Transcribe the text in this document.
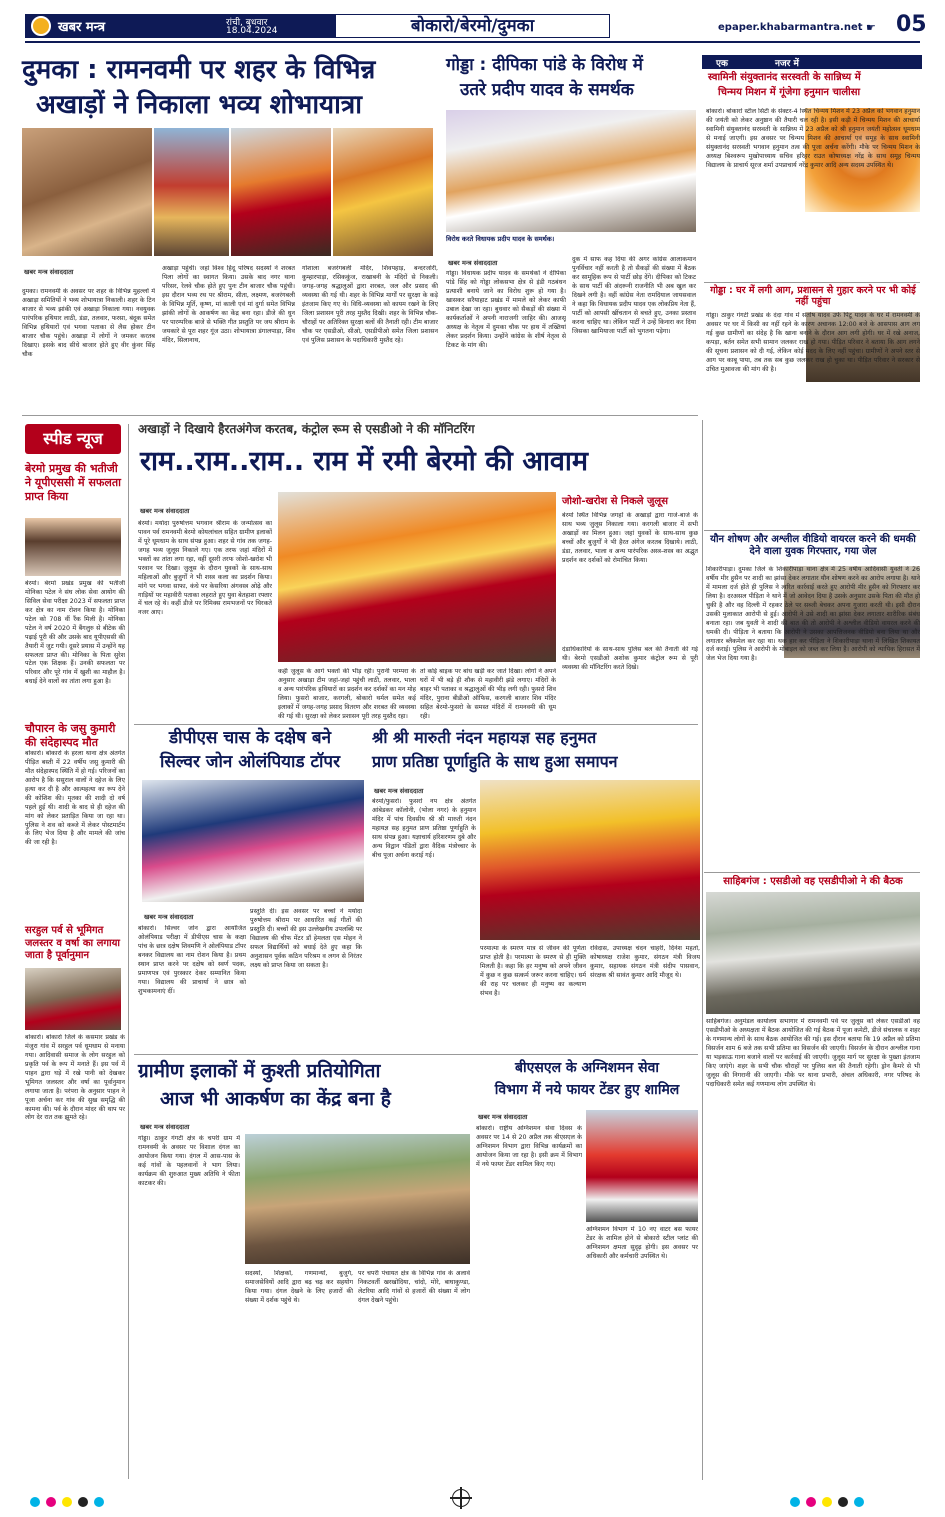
खबर मन्त्र	रांची, बुधवार
18.04.2024	बोकारो/बेरमो/दुमका	epaper.khabarmantra.net ☛ 05
दुमका : रामनवमी पर शहर के विभिन्न
अखाड़ों ने निकाला भव्य शोभायात्रा
खबर मन्त्र संवाददाता
दुमका। रामनवमी के अवसर पर शहर के विभिन्न मुहल्लों में अखाड़ा समितियों ने भव्य शोभायात्रा निकाली। शहर के टिन बाजार से भव्य झांकी एवं अखाड़ा निकाला गया। नवयुवक पारंपरिक हथियार लाठी, डंडा, तलवार, फरसा, बंदूक समेत विभिन्न हथियारों एवं भगवा पताका से लैस होकर टीन बाजार चौक पहुंचे। अखाड़ा में लोगों ने जमकर करतब दिखाए। इसके बाद सीधे बाजार होते हुए वीर कुंवर सिंह चौक
अखाड़ा पहुंचीं। जहां विश्व हिंदू परिषद सदस्यों ने शरबत पिला लोगों का स्वागत किया। उसके बाद नगर थाना परिसर, रेलवे चौक होते हुए पुनः टीन बाजार चौक पहुंची। इस दौरान भव्य रथ पर श्रीराम, सीता, लक्ष्मण, बजरंगबली के विभिन्न मूर्ति, कृष्ण, मां काली एवं मां दुर्गा समेत विभिन्न झांकी लोगों के आकर्षण का केंद्र बना रहा। डीजे की धुन पर पारम्परिक बाजे से भक्ति गीत प्रस्तुति पर जय श्रीराम के जयकारे से पूरा शहर गूंज उठा। शोभायात्रा डंगालपाड़ा, शिव मंदिर, सिलानाथ,
गोशाला बजरंगबली मंदिर, शिवपहाड़, बन्दरजोरी, कुम्हारपाड़ा, रसिककुंज, राखाबनी के मंदिरों से निकली। जगह-जगह श्रद्धालुओं द्वारा शरबत, जल और प्रसाद की व्यवस्था की गई थी। शहर के विभिन्न मार्गों पर सुरक्षा के कड़े इंतजाम किए गए थे। विधि-व्यवस्था को कायम रखने के लिए जिला प्रशासन पूरी तरह मुस्तैद दिखी। शहर के विभिन्न चौक-चौराहों पर अतिरिक्त सुरक्षा बलों की तैनाती रही। टीम बाजार चौक पर एसडीओ, सीओ, एसडीपीओ समेत जिला प्रशासन एवं पुलिस प्रशासन के पदाधिकारी मुस्तैद रहे।
गोड्डा : दीपिका पांडे के विरोध में
उतरे प्रदीप यादव के समर्थक
विरोध करते विधायक प्रदीप यादव के समर्थक।
खबर मन्त्र संवाददाता
गोड्डा। विधायक प्रदीप यादव के समर्थकों ने दीपिका पांडे सिंह को गोड्डा लोकसभा क्षेत्र से इंडी गठबंधन प्रत्याशी बनाये जाने का विरोध शुरू हो गया है। खासकर सरैयाहाट प्रखंड में मामले को लेकर काफी उबाल देखा जा रहा। बुधवार को सैकड़ों की संख्या में कार्यकर्ताओं ने अपनी नाराजगी जाहिर की। आजसू अध्यक्ष के नेतृत्व में दुमका चौक पर हाथ में तख्तियां लेकर प्रदर्शन किया। उन्होंने कांग्रेस के शीर्ष नेतृत्व से टिकट के मांग की।
दुक में साफ कह दिया की अगर कांग्रेस आलाकमान पुनर्विचार नहीं करती है तो सैकड़ों की संख्या में बैठक कर सामूहिक रूप से पार्टी छोड़ देंगे। दीपिका को टिकट के साथ पार्टी की अंदरूनी राजनीति भी अब खुल कर दिखने लगी है। वहीं कांग्रेस नेता रामदियाल जायसवाल ने कहा कि विधायक प्रदीप यादव एक लोकप्रिय नेता हैं, पार्टी को आपसी खींचतान से बचते हुए, उनका प्रस्ताव करना चाहिए था। लेकिन पार्टी ने उन्हें किनारा कर दिया जिसका खामियाजा पार्टी को भुगतना पड़ेगा।
एक	नजर में
स्वामिनी संयुक्तानंद सरस्वती के सान्निध्य में
चिन्मय मिशन में गूंजेगा हनुमान चालीसा
बोकारो। बोकारो स्टील सिटी के सेक्टर-4 स्थित चिन्मय मिशन में 23 अप्रैल को भगवान हनुमान की जयंती को लेकर अनुष्ठान की तैयारी चल रही है। इसी कड़ी में चिन्मय मिशन की आचार्या स्वामिनी संयुक्तानंद सरस्वती के सान्निध्य में 23 अप्रैल को श्री हनुमान जयंती महोत्सव धूमधाम से मनाई जाएगी। इस अवसर पर चिन्मय मिशन की आचार्या एवं समूह के साथ स्वामिनी संयुक्तानंद सरस्वती भगवान हनुमान तत्व की पूजा अर्चना करेंगी। मौके पर चिन्मय मिशन के अध्यक्ष बिश्वरूप मुखोपाध्याय सचिव हरिहर राउत कोषाध्यक्ष नरेंद्र के साथ समूह चिन्मय विद्यालय के प्राचार्य सूरज शर्मा उपप्राचार्य नरेंद्र कुमार आदि अन्य सदस्य उपस्थित थे।
गोड्डा : घर में लगी आग, प्रशासन से गुहार करने पर भी कोई नहीं पहुंचा
गोड्डा। ठाकुर गंगटी प्रखंड के दंदा गांव में संतोष यादव उर्फ पिंटू यादव के घर में रामनवमी के अवसर पर घर में किसी का नहीं रहने के कारण अचानक 12:00 बजे के आसपास आग लग गई कुछ ग्रामीणों का संदेह है कि खाना बनाने के दौरान आग लगी होगी। घर में रखे अनाज, कपड़ा, बर्तन समेत सभी सामान जलकर राख हो गया। पीड़ित परिवार ने बताया कि आग लगने की सूचना प्रशासन को दी गई, लेकिन कोई मदद के लिए नहीं पहुंचा। ग्रामीणों ने अपने स्तर से आग पर काबू पाया, तब तक सब कुछ जलकर राख हो चुका था। पीड़ित परिवार ने सरकार से उचित मुआवजा की मांग की है।
स्पीड न्यूज
बेरमो प्रमुख की भतीजी ने यूपीएससी में सफलता प्राप्त किया
बेरमो। बेरमो प्रखंड प्रमुख की भतीजी मोनिका पटेल ने संघ लोक सेवा आयोग की सिविल सेवा परीक्षा 2023 में सफलता प्राप्त कर क्षेत्र का नाम रोशन किया है। मोनिका पटेल को 708 वीं रैंक मिली है। मोनिका पटेल ने वर्ष 2020 में बैंगलुरु से बीटेक की पढ़ाई पूरी की और उसके बाद यूपीएससी की तैयारी में जुट गयी। दूसरे प्रयास में उन्होंने यह सफलता प्राप्त की। मोनिका के पिता सुरेश पटेल एक शिक्षक हैं। उनकी सफलता पर परिवार और पूरे गांव में खुशी का माहौल है। बधाई देने वालों का तांता लगा हुआ है।
चौपारन के जसु कुमारी की संदेहास्पद मौत
बोकारो। बोकारो के हरला थाना क्षेत्र अंतर्गत पीड़ित बस्ती में 22 वर्षीय जसु कुमारी की मौत संदेहास्पद स्थिति में हो गई। परिजनों का आरोप है कि ससुराल वालों ने दहेज के लिए हत्या कर दी है और आत्महत्या का रूप देने की कोशिश की। मृतका की शादी दो वर्ष पहले हुई थी। शादी के बाद से ही दहेज की मांग को लेकर प्रताड़ित किया जा रहा था। पुलिस ने शव को कब्जे में लेकर पोस्टमार्टम के लिए भेज दिया है और मामले की जांच की जा रही है।
सरहुल पर्व से भूमिगत जलस्तर व वर्षा का लगाया जाता है पूर्वानुमान
बोकारो। बोकारो जिले के कसमार प्रखंड के मंजुरा गांव में सरहुल पर्व धूमधाम से मनाया गया। आदिवासी समाज के लोग सरहुल को प्रकृति पर्व के रूप में मनाते हैं। इस पर्व में पाहन द्वारा घड़े में रखे पानी को देखकर भूमिगत जलस्तर और वर्षा का पूर्वानुमान लगाया जाता है। परंपरा के अनुसार पाहन ने पूजा अर्चना कर गांव की सुख समृद्धि की कामना की। पर्व के दौरान मांदर की थाप पर लोग देर रात तक झूमते रहे।
अखाड़ों ने दिखाये हैरतअंगेज करतब, कंट्रोल रूम से एसडीओ ने की मॉनिटरिंग
राम..राम..राम.. राम में रमी बेरमो की आवाम
खबर मन्त्र संवाददाता
बेरमो। मर्यादा पुरुषोत्तम भगवान श्रीराम के जन्मोत्सव का पावन पर्व रामनवमी बेरमो कोयलांचल सहित ग्रामीण इलाकों में पूरे धूमधाम के साथ संपन्न हुआ। शहर से गांव तक जगह-जगह भव्य जुलूस निकाले गए। एक तरफ जहां मंदिरों में भक्तों का तांता लगा रहा, वहीं दूसरी तरफ जोशो-खरोश भी परवान पर दिखा। जुलूस के दौरान युवकों के साथ-साथ महिलाओं और बुजुर्गों ने भी शस्त्र कला का प्रदर्शन किया। मांगे पर भगवा साफा, कंधे पर केसरिया अंगवस्त्र ओढ़े और गाड़ियों पर महावीरी पताका लहराते हुए युवा बेतहाशा रफ्तार में चल रहे थे। कहीं डीजे पर रिमिक्स रामभजनों पर थिरकते नजर आए।
कहीं जुलूस के आगे भक्तों की भीड़ रही। पुरानी परम्परा के अनुसार अखाड़ा टीम जहां-जहां पहुंची लाठी, तलवार, भाला व अन्य पारंपरिक हथियारों का प्रदर्शन कर दर्शकों का मन मोह लिया। फुसरो बाजार, करगली, बोकारो थर्मल समेत कई इलाकों में जगह-जगह प्रसाद वितरण और शरबत की व्यवस्था की गई थी। सुरक्षा को लेकर प्रशासन पूरी तरह मुस्तैद रहा।
तो कोई बाइक पर बांध खड़ी कर जाते दिखा। लोगों ने अपने घरों में भी बड़े ही शौक से महावीरी झंडे लगाए। मंदिरों के बाहर भी पताका व श्रद्धालुओं की भीड़ लगी रही। फुसरो शिव मंदिर, पुराना बीडीओ ऑफिस, करगली बाजार शिव मंदिर सहित बेरमो-फुसरो के समस्त मंदिरों में रामनवमी की धूम रही।
जोशो-खरोश से निकले जुलूस
बेरमो स्थित विभिन्न जगहों के अखाड़ों द्वारा गाजे-बाजे के साथ भव्य जुलूस निकाला गया। करगली बाजार में सभी अखाड़ों का मिलन हुआ। जहां युवकों के साथ-साथ कुछ बच्चों और बुजुर्गों ने भी हैरत अंगेज करतब दिखाये। लाठी, डंडा, तलवार, भाला व अन्य पारंपरिक अस्त्र-शस्त्र का अद्भुत प्रदर्शन कर दर्शकों को रोमांचित किया।
दंडाधिकारियों के साथ-साथ पुलिस बल की तैनाती की गई थी। बेरमो एसडीओ अशोक कुमार कंट्रोल रूम से पूरी व्यवस्था की मॉनिटरिंग करते दिखे।
डीपीएस चास के दक्षेष बने
सिल्वर जोन ओलंपियाड टॉपर
खबर मन्त्र संवाददाता
बोकारो। सिल्वर जोन द्वारा आयोजित ओलंपियाड परीक्षा में डीपीएस चास के कक्षा पांच के छात्र दक्षेष शिवमणि ने ओलंपियाड टॉपर बनकर विद्यालय का नाम रोशन किया है। प्रथम स्थान प्राप्त करने पर दक्षेष को स्वर्ण पदक, प्रमाणपत्र एवं पुरस्कार देकर सम्मानित किया गया। विद्यालय की प्राचार्या ने छात्र को शुभकामनाएं दीं।
प्रस्तुति दी। इस अवसर पर बच्चों ने मर्यादा पुरुषोत्तम श्रीराम पर आधारित कई गीतों की प्रस्तुति दी। बच्चों की इस उल्लेखनीय उपलब्धि पर विद्यालय की चीफ मेंटर डॉ हेमलता एस मोहन ने सफल विद्यार्थियों को बधाई देते हुए कहा कि अनुशासन पूर्वक कठिन परिश्रम व लगन से निरंतर लक्ष्य को प्राप्त किया जा सकता है।
श्री श्री मारुती नंदन महायज्ञ सह हनुमत
प्राण प्रतिष्ठा पूर्णाहुति के साथ हुआ समापन
खबर मन्त्र संवाददाता
बेरमो/फुसरो। फुसरो नप क्षेत्र अंतर्गत आंबेडकर कॉलोनी, (भोला नगर) के हनुमान मंदिर में पांच दिवसीय श्री श्री मारुती नंदन महायज्ञ सह हनुमत प्राण प्रतिष्ठा पूर्णाहुति के साथ संपन्न हुआ। यज्ञाचार्य हरिशरणम दुबे और अन्य विद्वान पंडितों द्वारा वैदिक मंत्रोच्चार के बीच पूजा अर्चना कराई गई।
परमात्मा के स्मरण मात्र से जीवन की पूर्णता प्राप्त होती है। परमात्मा के स्मरण से ही मुक्ति मिलती है। कहा कि हर मनुष्य को अपने जीवन में कुछ न कुछ सत्कर्म जरूर करना चाहिए। धर्म की राह पर चलकर ही मनुष्य का कल्याण संभव है।
रविदास, उपाध्यक्ष चंदन चाहरी, दिनेश महतो, कोषाध्यक्ष राजेश कुमार, संगठन मंत्री विजय कुमार, सहायक संगठन मंत्री संदीप पासवान, संरक्षक श्री सावंत कुमार आदि मौजूद थे।
ग्रामीण इलाकों में कुश्ती प्रतियोगिता
आज भी आकर्षण का केंद्र बना है
खबर मन्त्र संवाददाता
गोड्डा। ठाकुर गंगटी क्षेत्र के चपरी ग्राम में रामनवमी के अवसर पर विशाल दंगल का आयोजन किया गया। दंगल में आस-पास के कई गांवों के पहलवानों ने भाग लिया। कार्यक्रम की शुरुआत मुख्य अतिथि ने फीता काटकर की।
सदस्यों, शिक्षकों, गणमान्यों, बुजुर्ग, समाजसेवियों आदि द्वारा बढ़ चढ़ कर सहयोग किया गया। दंगल देखने के लिए हजारों की संख्या में दर्शक पहुंचे थे।
पर चपरी पंचायत क्षेत्र के विभिन्न गांव के अलावे निकटवर्ती खरखोदिया, चांदो, मोरे, बाघाकुण्डा, लेटरिया आदि गांवों से हजारों की संख्या में लोग दंगल देखने पहुंचे।
बीएसएल के अग्निशमन सेवा
विभाग में नये फायर टेंडर हुए शामिल
खबर मन्त्र संवाददाता
बोकारो। राष्ट्रीय अग्निशमन सेवा दिवस के अवसर पर 14 से 20 अप्रैल तक बीएसएल के अग्निशमन विभाग द्वारा विभिन्न कार्यक्रमों का आयोजन किया जा रहा है। इसी क्रम में विभाग में नये फायर टेंडर शामिल किए गए।
अग्निशमन विभाग में 10 नए वाटर बस फायर टेंडर के शामिल होने से बोकारो स्टील प्लांट की अग्निशमन क्षमता सुदृढ़ होगी। इस अवसर पर अधिकारी और कर्मचारी उपस्थित थे।
यौन शोषण और अश्लील वीडियो वायरल करने की धमकी देने वाला युवक गिरफ्तार, गया जेल
शिकारीपाड़ा। दुमका जिले के शिकारीपाड़ा थाना क्षेत्र में 25 वर्षीय आदिवासी युवती ने 26 वर्षीय मीर हुसैन पर शादी का झांसा देकर लगातार यौन शोषण करने का आरोप लगाया है। थाने में मामला दर्ज होते ही पुलिस ने त्वरित कार्रवाई करते हुए आरोपी मीर हुसैन को गिरफ्तार कर लिया है। दरअसल पीड़िता ने थाने में जो आवेदन दिया है उसके अनुसार उसके पिता की मौत हो चुकी है और वह दिल्ली में रहकर ठेले पर सब्जी बेचकर अपना गुजारा करती थी। इसी दौरान उसकी मुलाकात आरोपी से हुई। आरोपी ने उसे शादी का झांसा देकर लगातार शारीरिक संबंध बनाता रहा। जब युवती ने शादी की बात की तो आरोपी ने अश्लील वीडियो वायरल करने की धमकी दी। पीड़िता ने बताया कि आरोपी ने उसका आपत्तिजनक वीडियो बना लिया था और लगातार ब्लैकमेल कर रहा था। थक हार कर पीड़िता ने शिकारीपाड़ा थाना में लिखित शिकायत दर्ज कराई। पुलिस ने आरोपी के मोबाइल को जब्त कर लिया है। आरोपी को न्यायिक हिरासत में जेल भेज दिया गया है।
साहिबगंज : एसडीओ वह एसडीपीओ ने की बैठक
साहिबगंज। अनुमंडल कार्यालय सभागार में रामनवमी पर्व पर जुलूस को लेकर एसडीओ वह एसडीपीओ के अध्यक्षता में बैठक आयोजित की गई बैठक में पूजा कमेटी, डीजे संचालक व शहर के गणमान्य लोगों के साथ बैठक आयोजित की गई। इस दौरान बताया कि 19 अप्रैल को प्रतिमा विसर्जन शाम 6 बजे तक सभी प्रतिमा का विसर्जन की जाएगी। विसर्जन के दौरान अश्लील गाना या भड़काऊ गाना बजाने वालों पर कार्रवाई की जाएगी। जुलूस मार्ग पर सुरक्षा के पुख्ता इंतजाम किए जाएंगे। शहर के सभी चौक चौराहों पर पुलिस बल की तैनाती रहेगी। ड्रोन कैमरे से भी जुलूस की निगरानी की जाएगी। मौके पर थाना प्रभारी, अंचल अधिकारी, नगर परिषद के पदाधिकारी समेत कई गणमान्य लोग उपस्थित थे।
